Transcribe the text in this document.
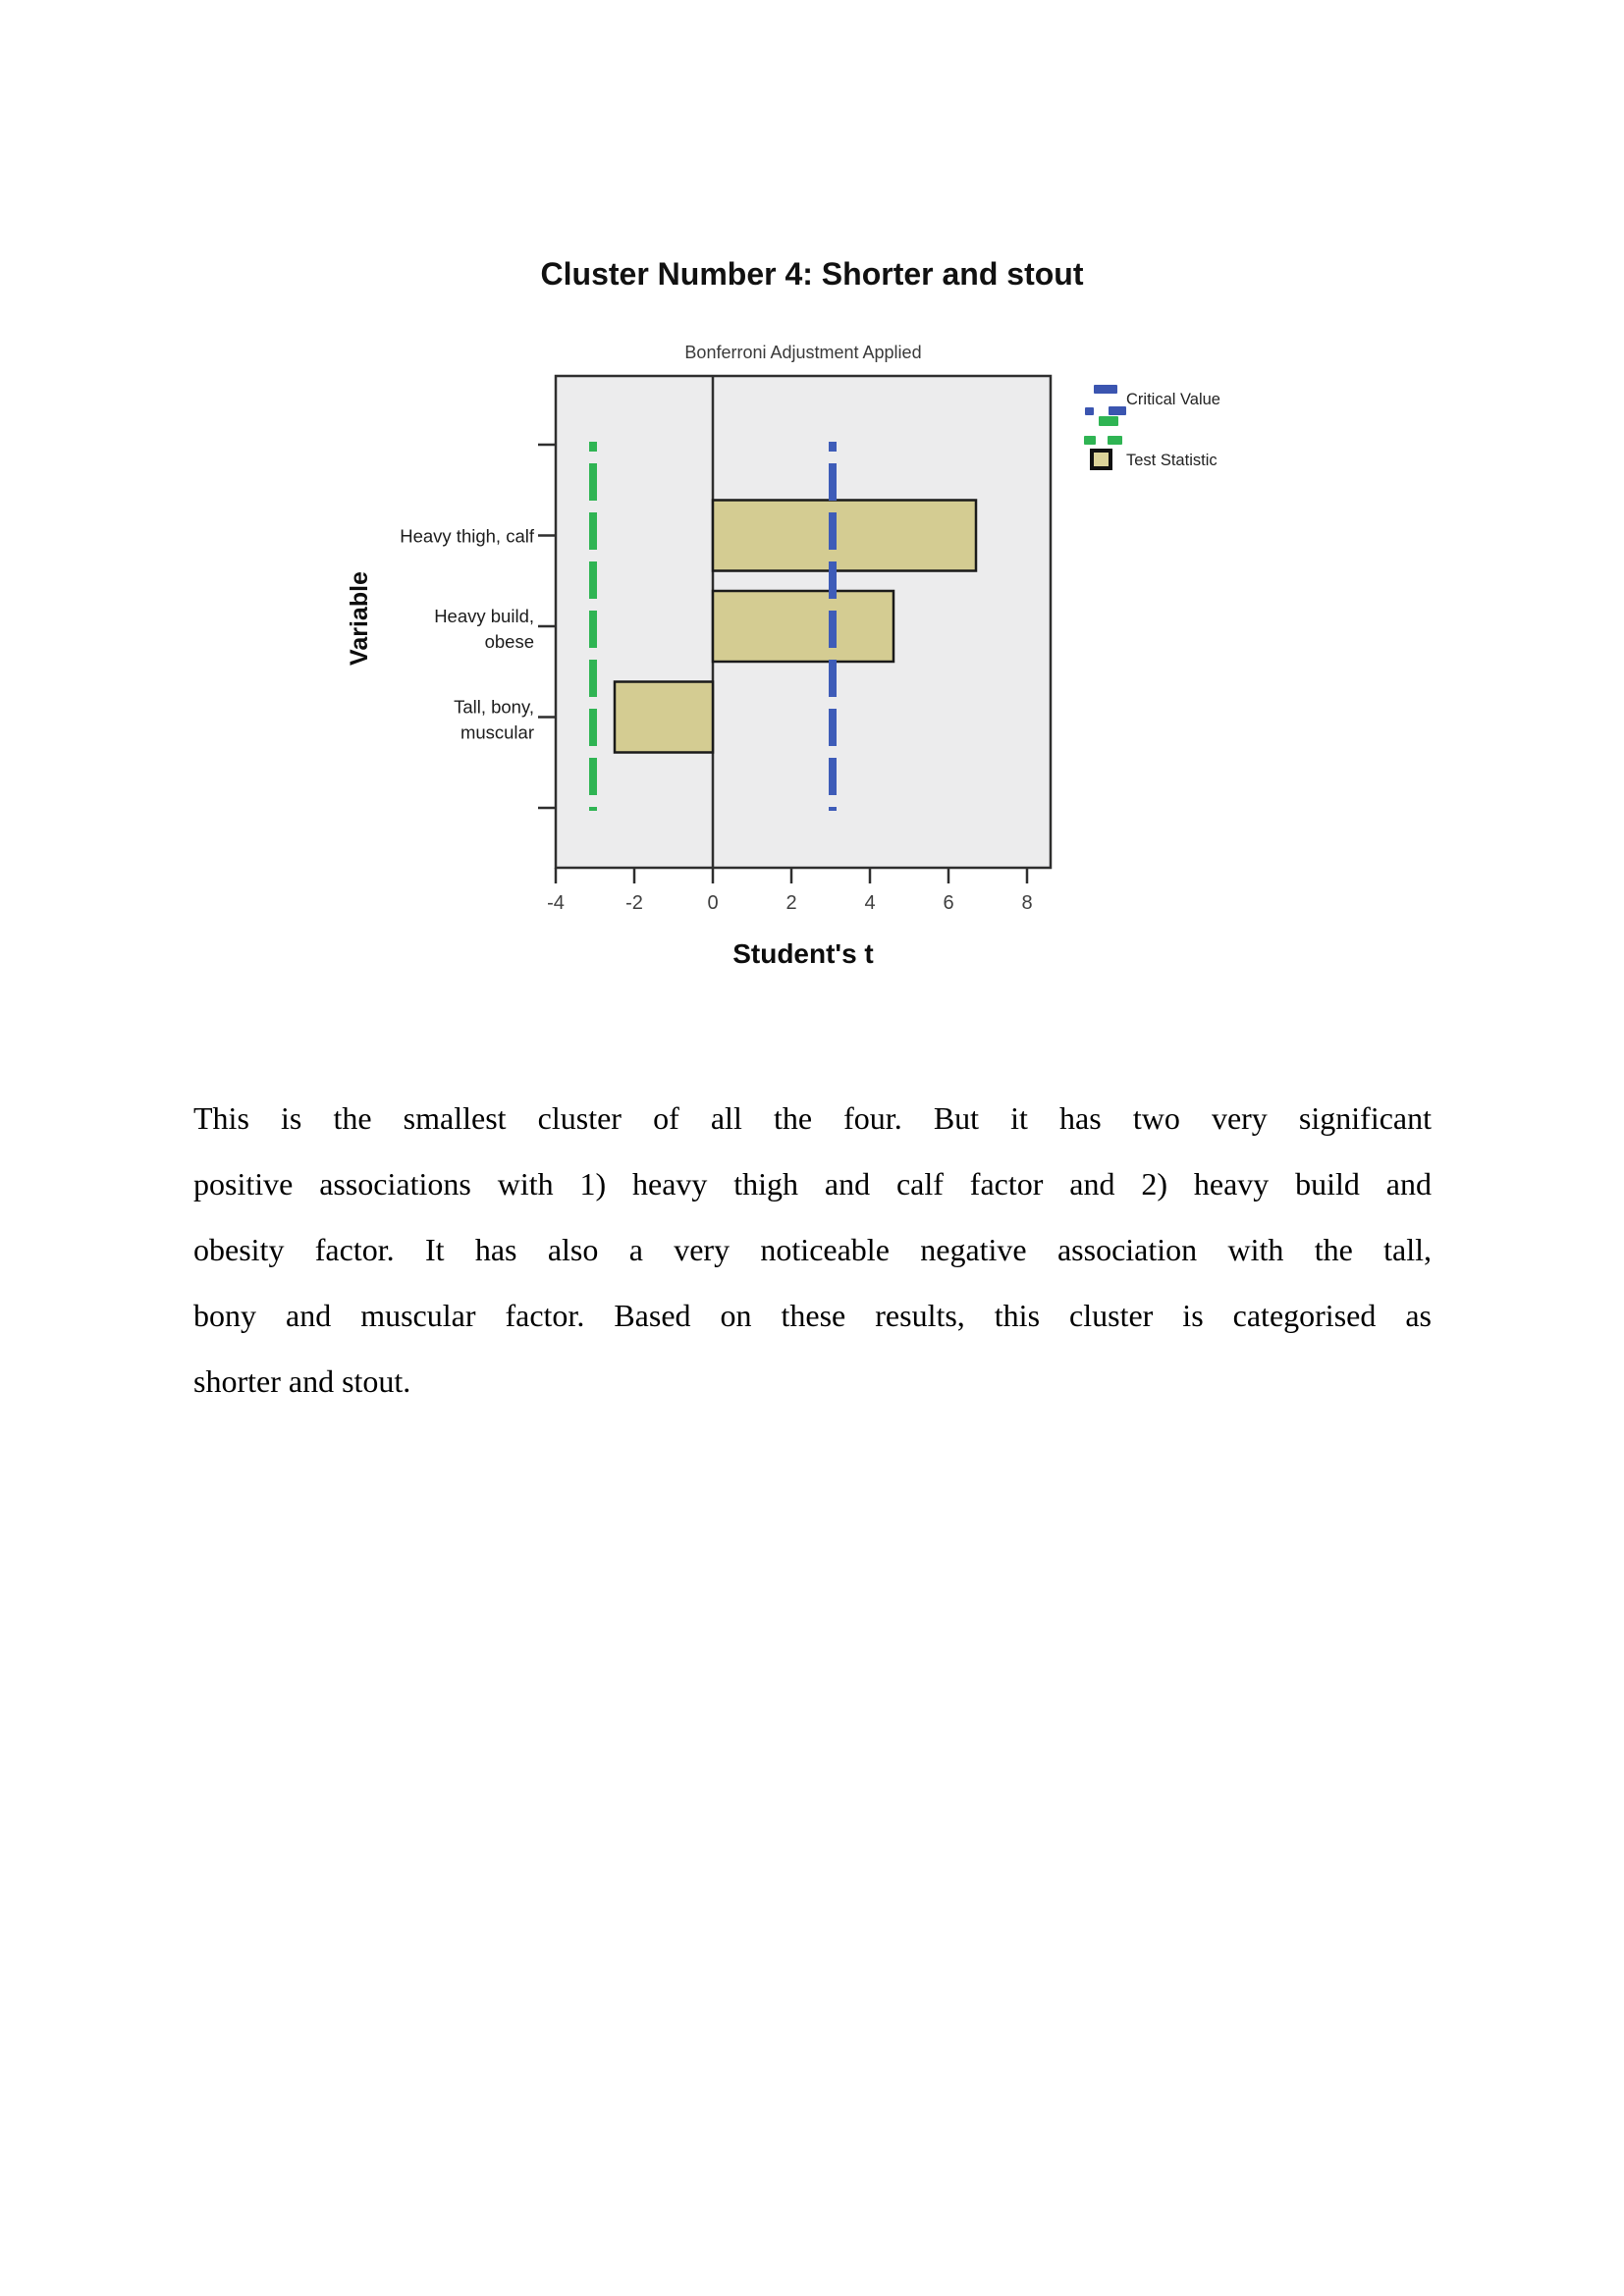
Cluster Number 4: Shorter and stout
Bonferroni Adjustment Applied
-4	-2	0	2	4	6	8
Heavy thigh, calf
Heavy build, obese
Tall, bony, muscular
Variable
Student's t
Critical Value
Test Statistic
This is the smallest cluster of all the four. But it has two very significant
positive associations with 1) heavy thigh and calf factor and 2) heavy build and
obesity factor. It has also a very noticeable negative association with the tall,
bony and muscular factor. Based on these results, this cluster is categorised as
shorter and stout.
